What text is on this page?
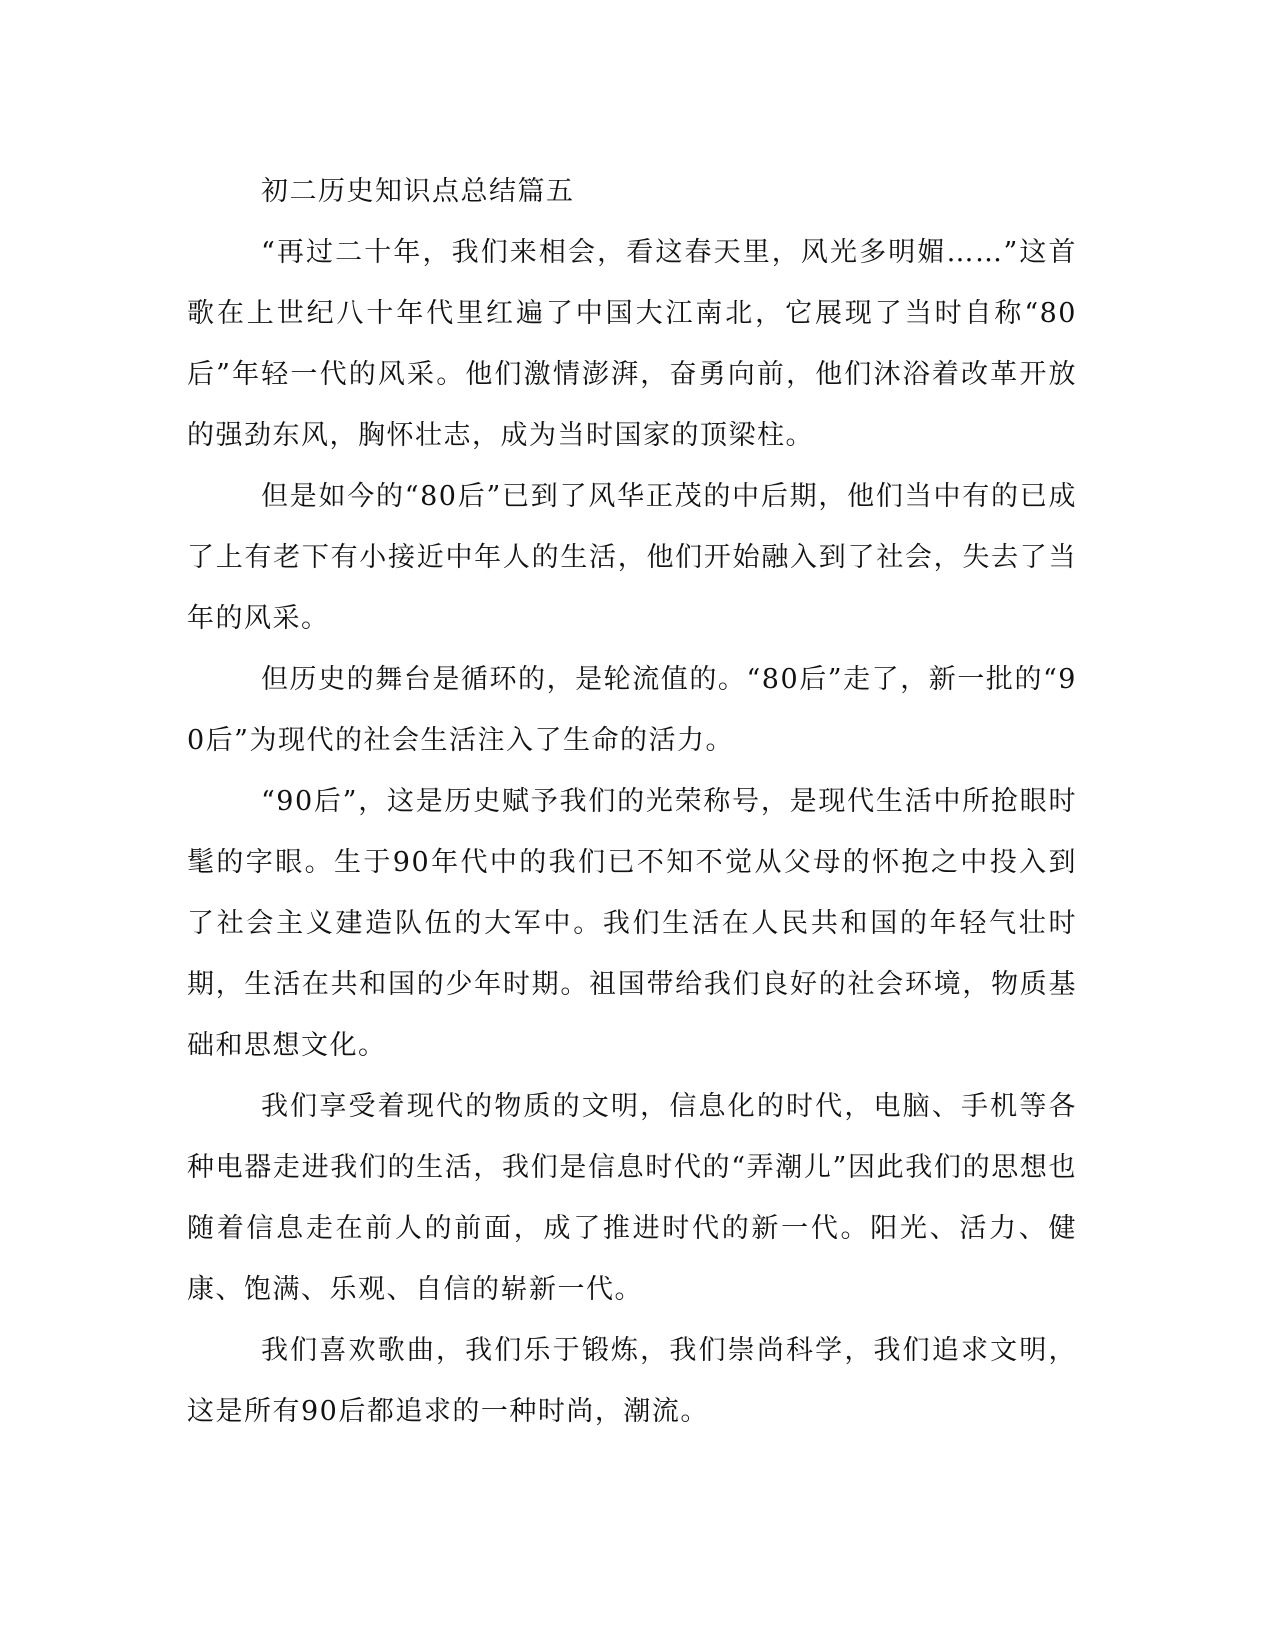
初二历史知识点总结篇五

“再过二十年，我们来相会，看这春天里，风光多明媚……”这首歌在上世纪八十年代里红遍了中国大江南北，它展现了当时自称“80后”年轻一代的风采。他们激情澎湃，奋勇向前，他们沐浴着改革开放的强劲东风，胸怀壮志，成为当时国家的顶梁柱。

但是如今的“80后”已到了风华正茂的中后期，他们当中有的已成了上有老下有小接近中年人的生活，他们开始融入到了社会，失去了当年的风采。

但历史的舞台是循环的，是轮流值的。“80后”走了，新一批的“90后”为现代的社会生活注入了生命的活力。

“90后”，这是历史赋予我们的光荣称号，是现代生活中所抢眼时髦的字眼。生于90年代中的我们已不知不觉从父母的怀抱之中投入到了社会主义建造队伍的大军中。我们生活在人民共和国的年轻气壮时期，生活在共和国的少年时期。祖国带给我们良好的社会环境，物质基础和思想文化。

我们享受着现代的物质的文明，信息化的时代，电脑、手机等各种电器走进我们的生活，我们是信息时代的“弄潮儿”因此我们的思想也随着信息走在前人的前面，成了推进时代的新一代。阳光、活力、健康、饱满、乐观、自信的崭新一代。

我们喜欢歌曲，我们乐于锻炼，我们崇尚科学，我们追求文明，这是所有90后都追求的一种时尚，潮流。
